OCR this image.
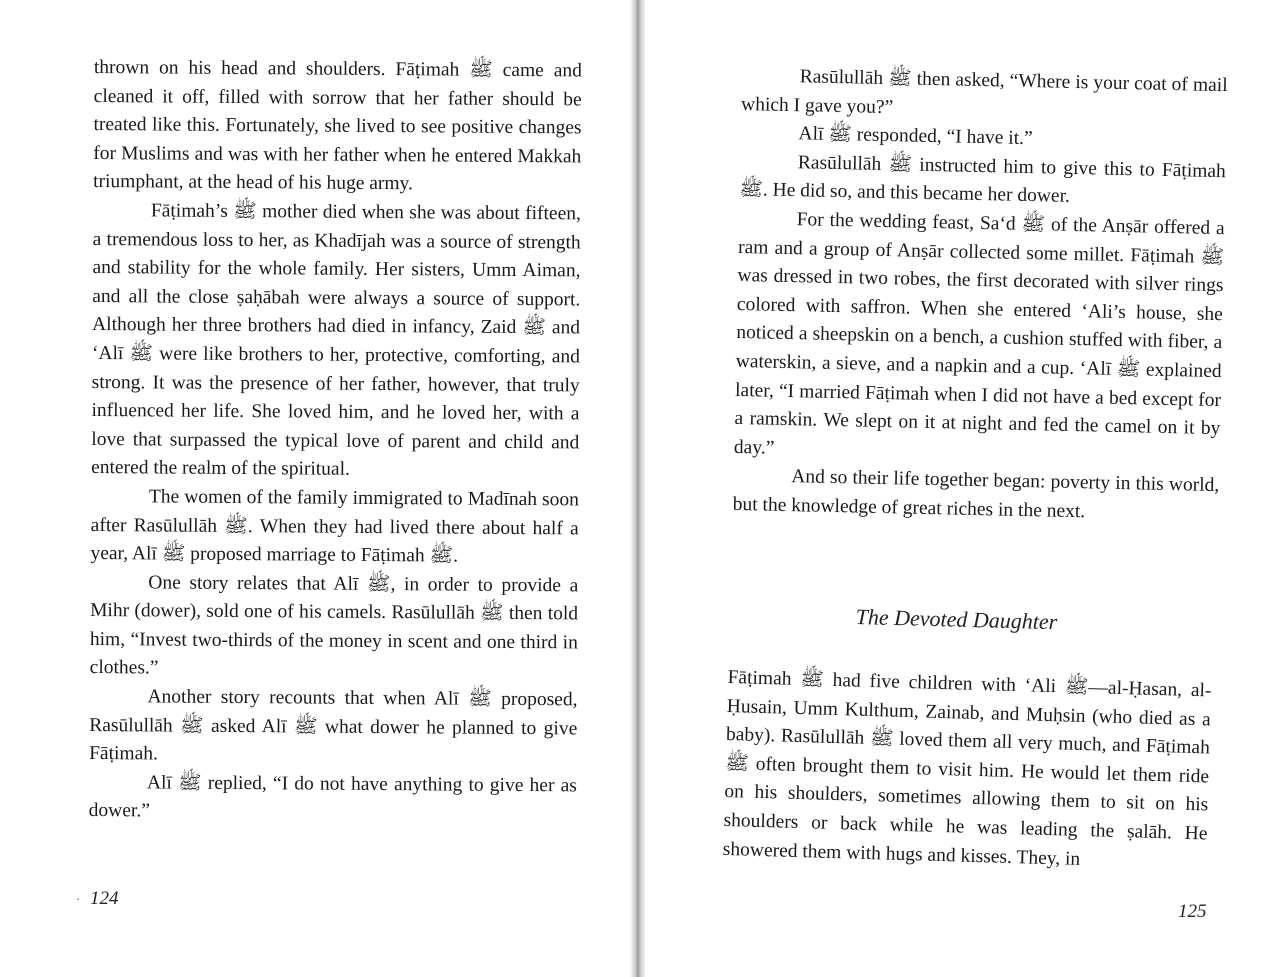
thrown on his head and shoulders. Fāṭimah ﷺ came and cleaned it off, filled with sorrow that her father should be treated like this. Fortunately, she lived to see positive changes for Muslims and was with her father when he entered Makkah triumphant, at the head of his huge army.

Fāṭimah’s ﷺ mother died when she was about fifteen, a tremendous loss to her, as Khadījah was a source of strength and stability for the whole family. Her sisters, Umm Aiman, and all the close ṣaḥābah were always a source of support. Although her three brothers had died in infancy, Zaid ﷺ and ‘Alī ﷺ were like brothers to her, protective, comforting, and strong. It was the presence of her father, however, that truly influenced her life. She loved him, and he loved her, with a love that surpassed the typical love of parent and child and entered the realm of the spiritual.

The women of the family immigrated to Madīnah soon after Rasūlullāh ﷺ. When they had lived there about half a year, Alī ﷺ proposed marriage to Fāṭimah ﷺ.

One story relates that Alī ﷺ, in order to provide a Mihr (dower), sold one of his camels. Rasūlullāh ﷺ then told him, “Invest two-thirds of the money in scent and one third in clothes.”

Another story recounts that when Alī ﷺ proposed, Rasūlullāh ﷺ asked Alī ﷺ what dower he planned to give Fāṭimah.

Alī ﷺ replied, “I do not have anything to give her as dower.”

· 124

Rasūlullāh ﷺ then asked, “Where is your coat of mail which I gave you?”

Alī ﷺ responded, “I have it.”

Rasūlullāh ﷺ instructed him to give this to Fāṭimah ﷺ. He did so, and this became her dower.

For the wedding feast, Sa‘d ﷺ of the Anṣār offered a ram and a group of Anṣār collected some millet. Fāṭimah ﷺ was dressed in two robes, the first decorated with silver rings colored with saffron. When she entered ‘Ali’s house, she noticed a sheepskin on a bench, a cushion stuffed with fiber, a waterskin, a sieve, and a napkin and a cup. ‘Alī ﷺ explained later, “I married Fāṭimah when I did not have a bed except for a ramskin. We slept on it at night and fed the camel on it by day.”

And so their life together began: poverty in this world, but the knowledge of great riches in the next.

The Devoted Daughter

Fāṭimah ﷺ had five children with ‘Ali ﷺ—al-Ḥasan, al-Ḥusain, Umm Kulthum, Zainab, and Muḥsin (who died as a baby). Rasūlullāh ﷺ loved them all very much, and Fāṭimah ﷺ often brought them to visit him. He would let them ride on his shoulders, sometimes allowing them to sit on his shoulders or back while he was leading the ṣalāh. He showered them with hugs and kisses. They, in

125
